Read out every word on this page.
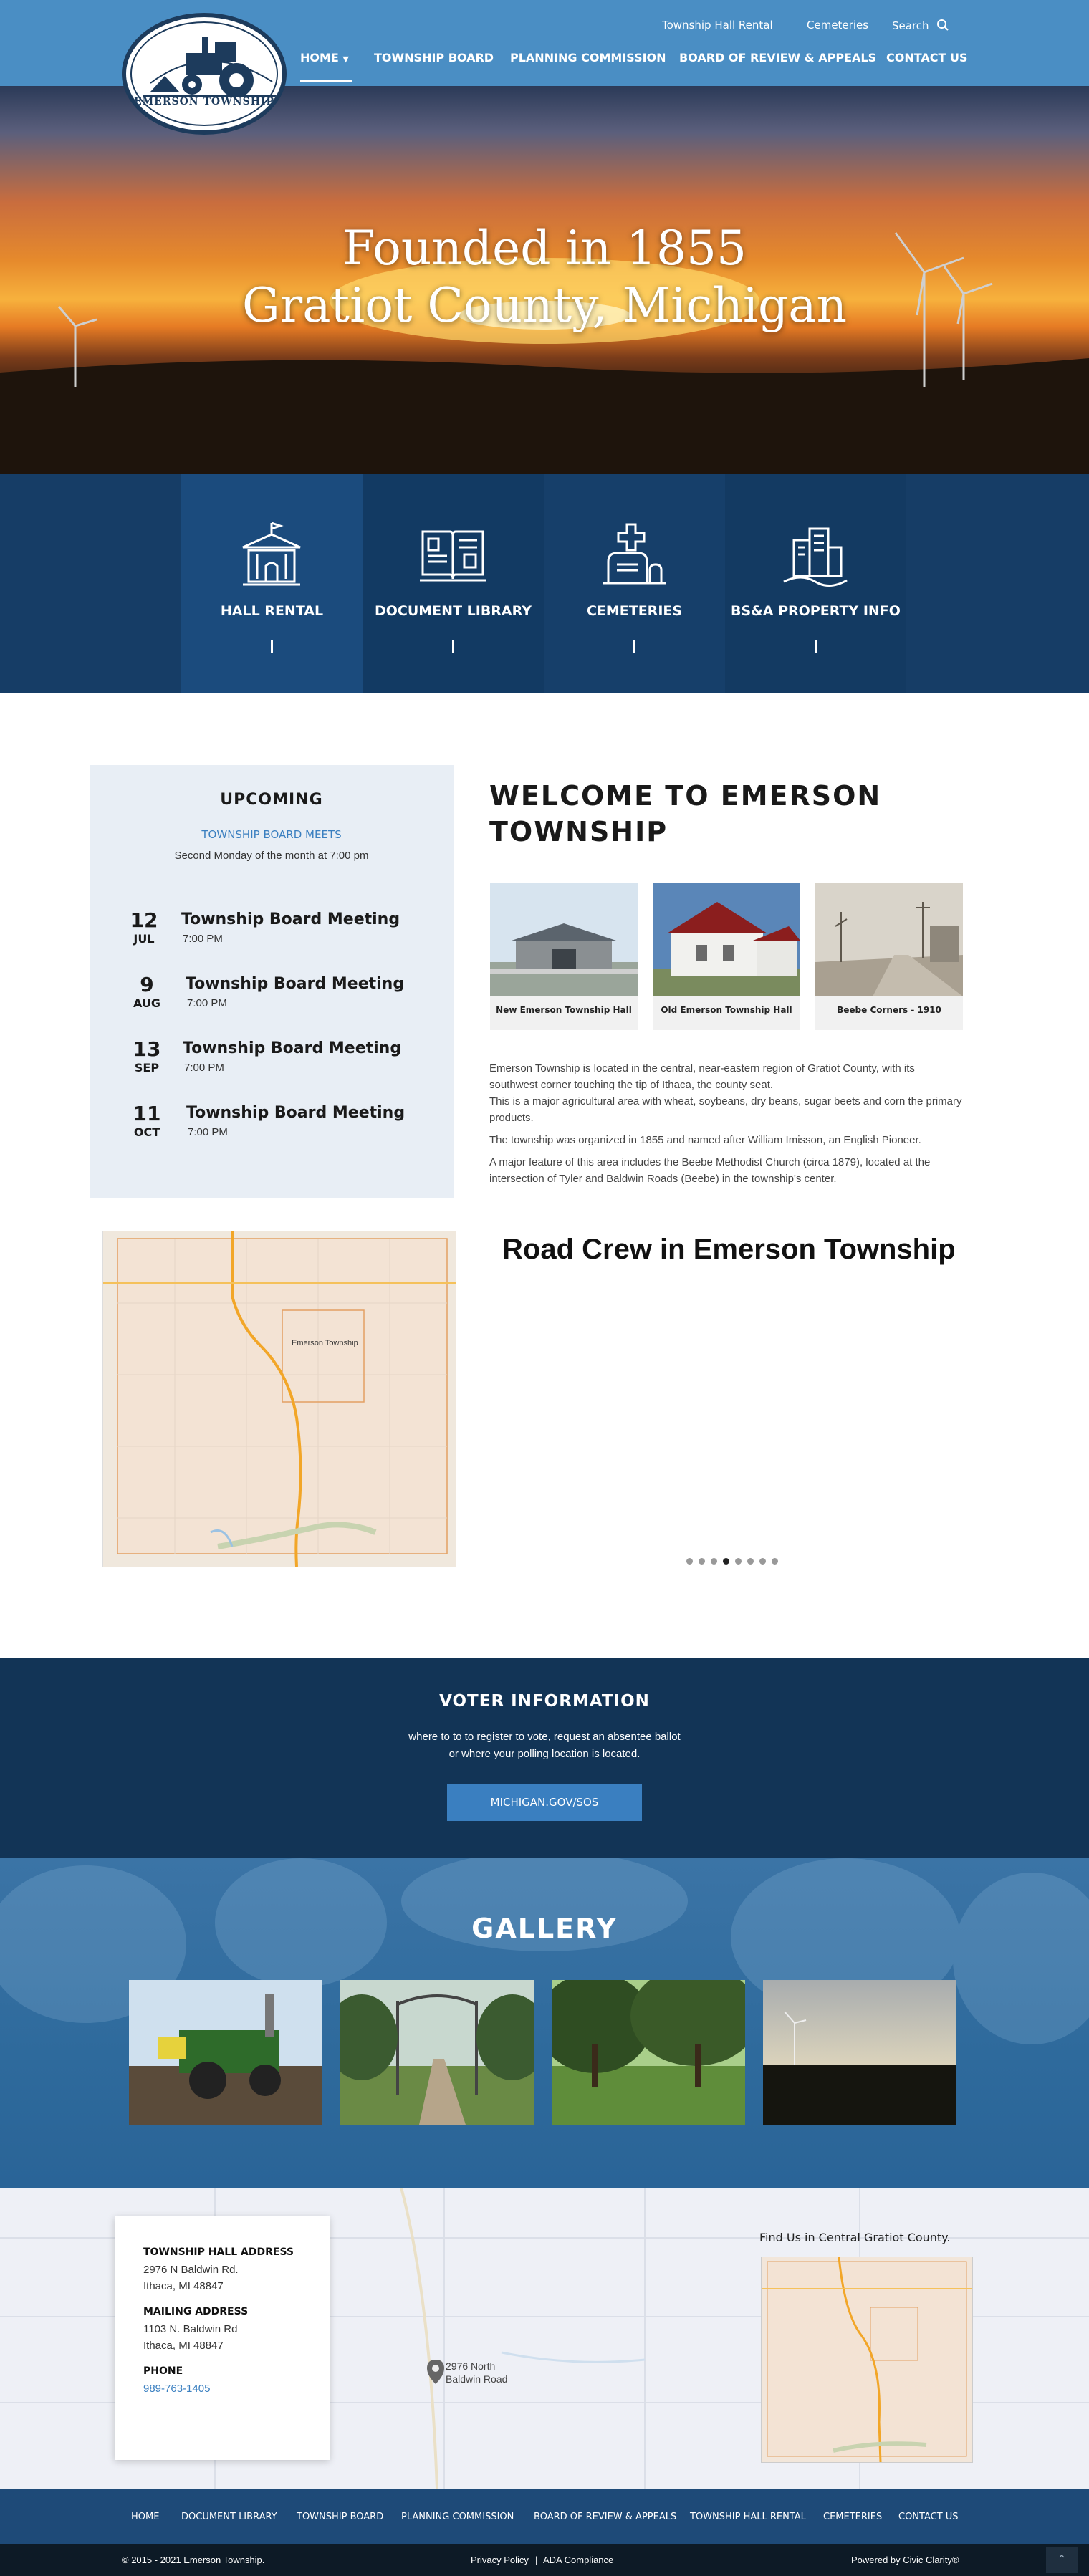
Township Hall Rental	Cemeteries Search
HOME ▼ TOWNSHIP BOARD PLANNING COMMISSION BOARD OF REVIEW & APPEALS CONTACT US
EMERSON TOWNSHIP
Founded in 1855
Gratiot County, Michigan
HALL RENTAL	DOCUMENT LIBRARY	CEMETERIES	BS&A PROPERTY INFO
UPCOMING
TOWNSHIP BOARD MEETS
Second Monday of the month at 7:00 pm
12
JUL
Township Board Meeting
7:00 PM
9
AUG
Township Board Meeting
7:00 PM
13
SEP
Township Board Meeting
7:00 PM
11
OCT
Township Board Meeting
7:00 PM
WELCOME TO EMERSON
TOWNSHIP
New Emerson Township Hall	Old Emerson Township Hall	Beebe Corners - 1910

Emerson Township is located in the central, near-eastern region of Gratiot County, with its southwest corner touching the tip of Ithaca, the county seat.

This is a major agricultural area with wheat, soybeans, dry beans, sugar beets and corn the primary products.

The township was organized in 1855 and named after William Imisson, an English Pioneer.

A major feature of this area includes the Beebe Methodist Church (circa 1879), located at the intersection of Tyler and Baldwin Roads (Beebe) in the township's center.

Emerson Township
Road Crew in Emerson Township
VOTER INFORMATION
where to to to register to vote, request an absentee ballot
or where your polling location is located.
MICHIGAN.GOV/SOS
GALLERY
2976 North Baldwin Road
TOWNSHIP HALL ADDRESS
2976 N Baldwin Rd.
Ithaca, MI 48847
MAILING ADDRESS
1103 N. Baldwin Rd
Ithaca, MI 48847
PHONE
989-763-1405
Find Us in Central Gratiot County.
HOME DOCUMENT LIBRARY TOWNSHIP BOARD PLANNING COMMISSION BOARD OF REVIEW & APPEALS TOWNSHIP HALL RENTAL CEMETERIES CONTACT US
© 2015 - 2021 Emerson Township.	Privacy Policy | ADA Compliance	Powered by Civic Clarity®	⌃
